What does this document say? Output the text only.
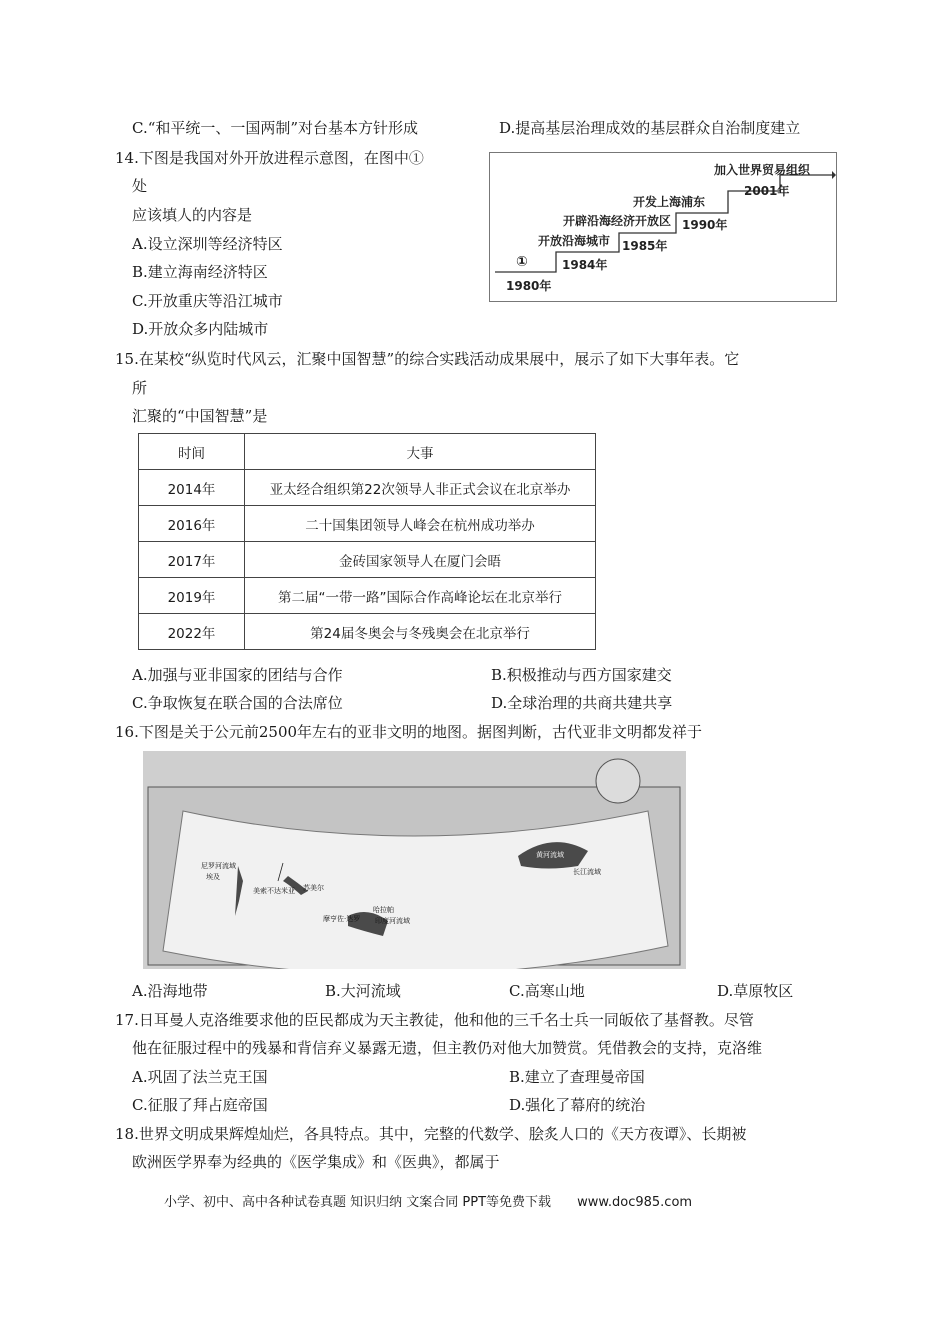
C.“和平统一、一国两制”对台基本方针形成	D.提高基层治理成效的基层群众自治制度建立
14.下图是我国对外开放进程示意图，在图中①
处
应该填人的内容是
A.设立深圳等经济特区
B.建立海南经济特区
C.开放重庆等沿江城市
D.开放众多内陆城市
①
1980年
1984年
开放沿海城市 1985年
开辟沿海经济开放区 1990年
开发上海浦东
2001年
加入世界贸易组织
15.在某校“纵览时代风云，汇聚中国智慧”的综合实践活动成果展中，展示了如下大事年表。它
所
汇聚的“中国智慧”是
时间	大事
2014年	亚太经合组织第22次领导人非正式会议在北京举办
2016年	二十国集团领导人峰会在杭州成功举办
2017年	金砖国家领导人在厦门会晤
2019年	第二届“一带一路”国际合作高峰论坛在北京举行
2022年	第24届冬奥会与冬残奥会在北京举行
A.加强与亚非国家的团结与合作	B.积极推动与西方国家建交
C.争取恢复在联合国的合法席位	D.全球治理的共商共建共享
16.下图是关于公元前2500年左右的亚非文明的地图。据图判断，古代亚非文明都发祥于
尼罗河流域
埃及
美索不达米亚 苏美尔
哈拉帕
摩亨佐·达罗 印度河流域
黄河流域
长江流域
A.沿海地带	B.大河流域	C.高寒山地	D.草原牧区
17.日耳曼人克洛维要求他的臣民都成为天主教徒，他和他的三千名士兵一同皈依了基督教。尽管
他在征服过程中的残暴和背信弃义暴露无遗，但主教仍对他大加赞赏。凭借教会的支持，克洛维
A.巩固了法兰克王国	B.建立了查理曼帝国
C.征服了拜占庭帝国	D.强化了幕府的统治
18.世界文明成果辉煌灿烂，各具特点。其中，完整的代数学、脍炙人口的《天方夜谭》、长期被
欧洲医学界奉为经典的《医学集成》和《医典》，都属于
小学、初中、高中各种试卷真题 知识归纳 文案合同 PPT等免费下载 www.doc985.com
